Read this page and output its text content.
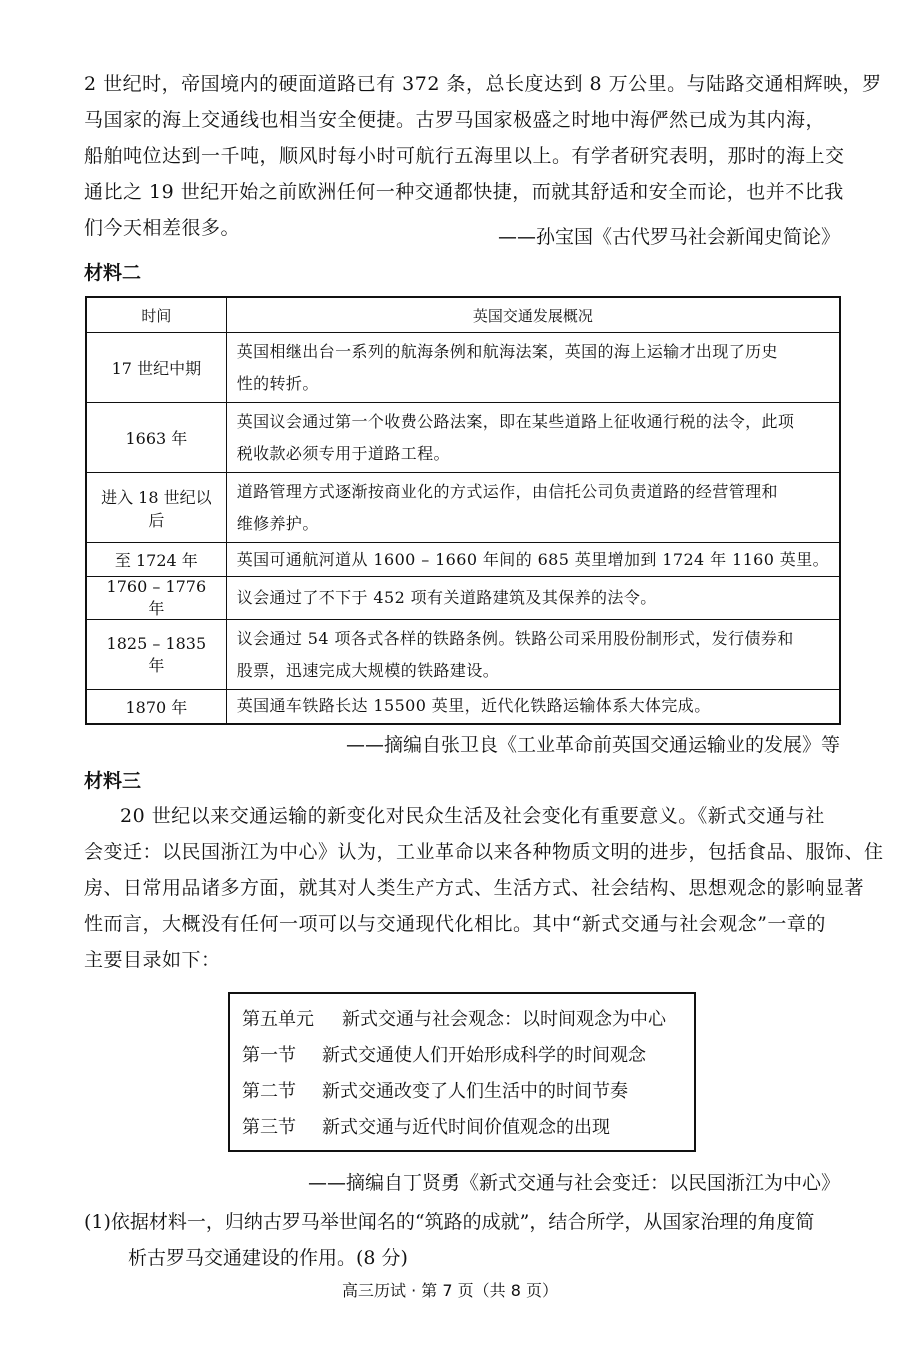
2 世纪时，帝国境内的硬面道路已有 372 条，总长度达到 8 万公里。与陆路交通相辉映，罗
马国家的海上交通线也相当安全便捷。古罗马国家极盛之时地中海俨然已成为其内海，
船舶吨位达到一千吨，顺风时每小时可航行五海里以上。有学者研究表明，那时的海上交
通比之 19 世纪开始之前欧洲任何一种交通都快捷，而就其舒适和安全而论，也并不比我
们今天相差很多。	——孙宝国《古代罗马社会新闻史简论》
材料二
时间	英国交通发展概况
17 世纪中期	英国相继出台一系列的航海条例和航海法案，英国的海上运输才出现了历史
性的转折。

1663 年	英国议会通过第一个收费公路法案，即在某些道路上征收通行税的法令，此项
税收款必须专用于道路工程。

进入 18 世纪以后	道路管理方式逐渐按商业化的方式运作，由信托公司负责道路的经营管理和
维修养护。

至 1724 年	英国可通航河道从 1600 – 1660 年间的 685 英里增加到 1724 年 1160 英里。

1760 – 1776 年	议会通过了不下于 452 项有关道路建筑及其保养的法令。

1825 – 1835 年	议会通过 54 项各式各样的铁路条例。铁路公司采用股份制形式，发行债券和
股票，迅速完成大规模的铁路建设。

1870 年	英国通车铁路长达 15500 英里，近代化铁路运输体系大体完成。
——摘编自张卫良《工业革命前英国交通运输业的发展》等
材料三
20 世纪以来交通运输的新变化对民众生活及社会变化有重要意义。《新式交通与社
会变迁：以民国浙江为中心》认为，工业革命以来各种物质文明的进步，包括食品、服饰、住
房、日常用品诸多方面，就其对人类生产方式、生活方式、社会结构、思想观念的影响显著
性而言，大概没有任何一项可以与交通现代化相比。其中“新式交通与社会观念”一章的
主要目录如下：
第五单元	新式交通与社会观念：以时间观念为中心
第一节	新式交通使人们开始形成科学的时间观念
第二节	新式交通改变了人们生活中的时间节奏
第三节	新式交通与近代时间价值观念的出现
——摘编自丁贤勇《新式交通与社会变迁：以民国浙江为中心》
(1)依据材料一，归纳古罗马举世闻名的“筑路的成就”，结合所学，从国家治理的角度简
析古罗马交通建设的作用。(8 分)
高三历试 · 第 7 页（共 8 页）
